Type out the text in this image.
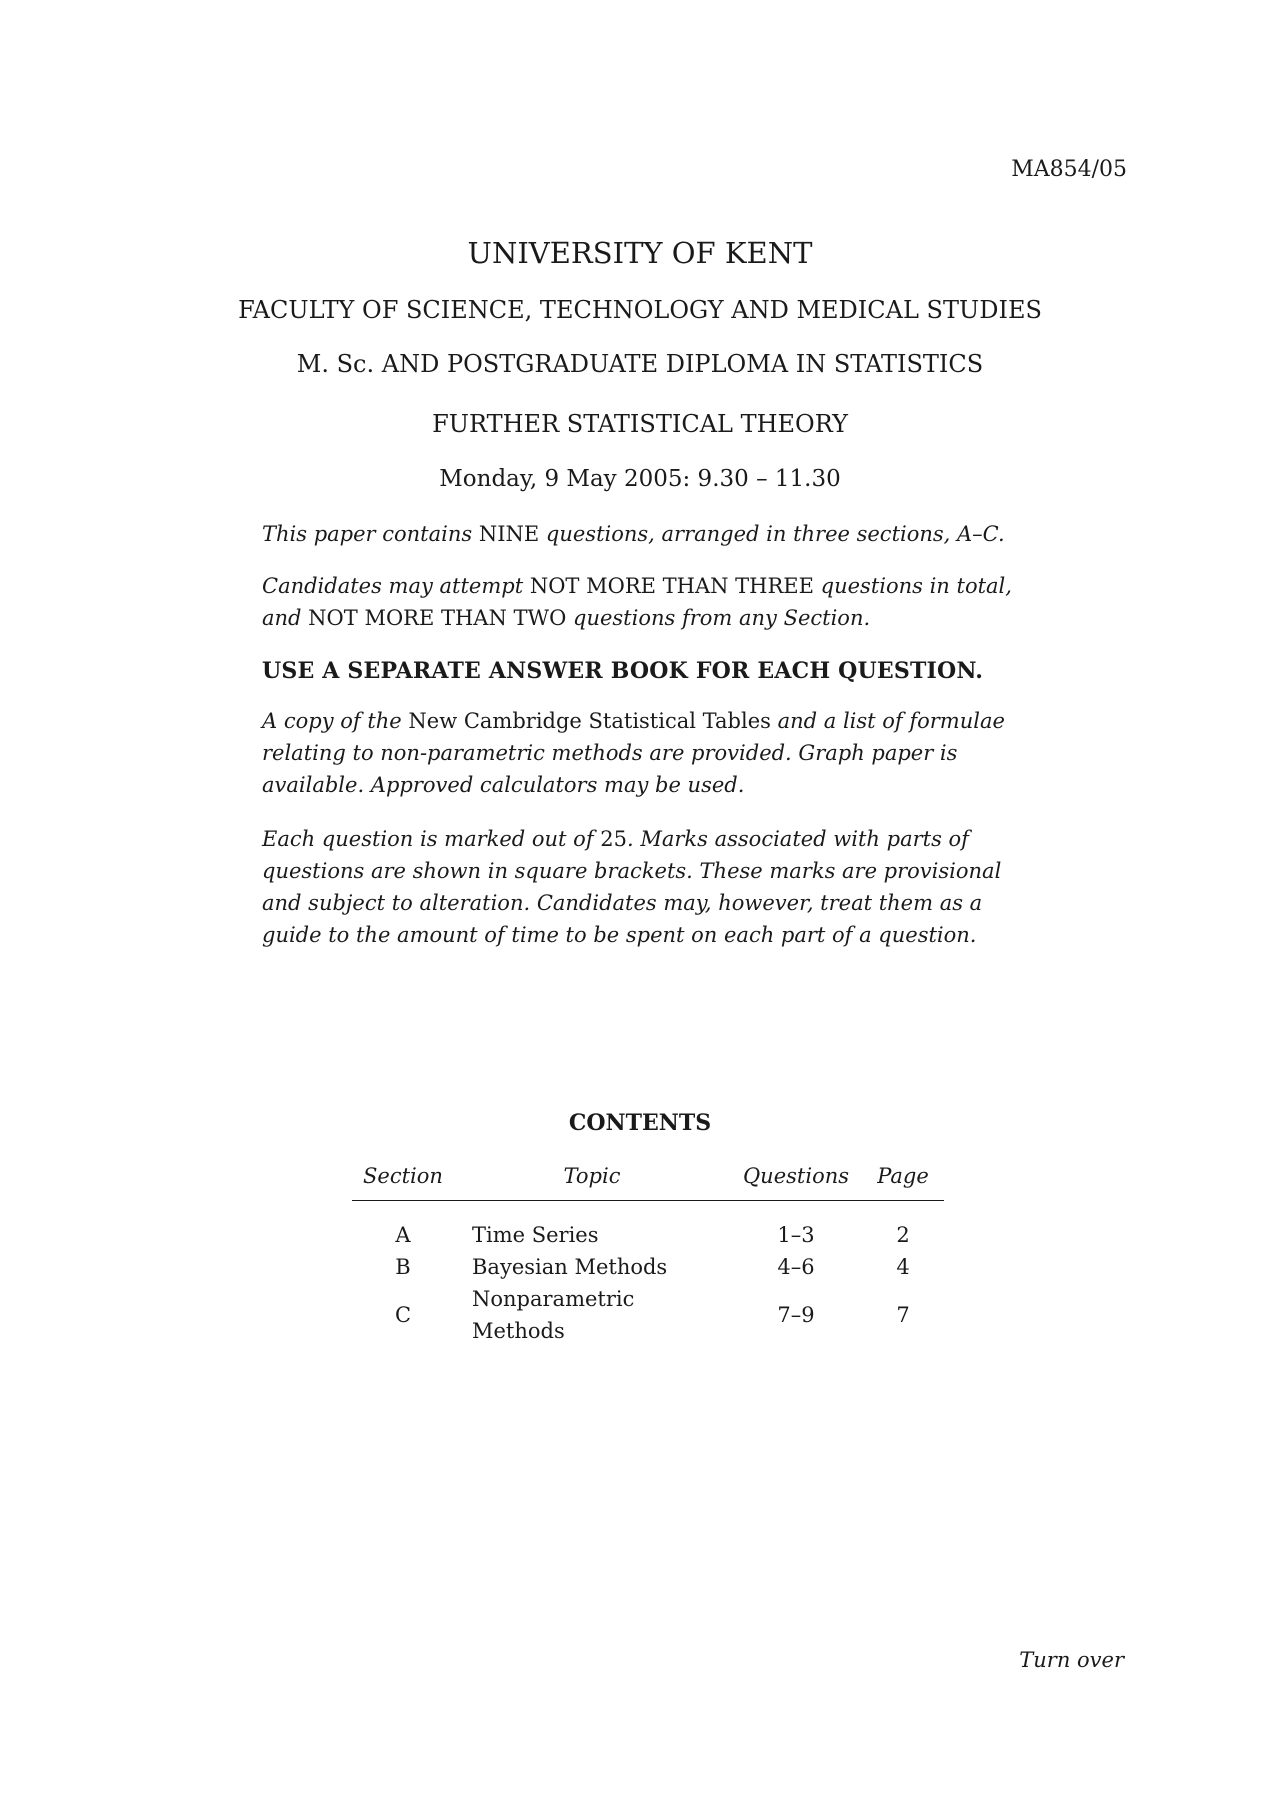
MA854/05
UNIVERSITY OF KENT
FACULTY OF SCIENCE, TECHNOLOGY AND MEDICAL STUDIES
M. Sc. AND POSTGRADUATE DIPLOMA IN STATISTICS
FURTHER STATISTICAL THEORY
Monday, 9 May 2005: 9.30 – 11.30
This paper contains NINE questions, arranged in three sections, A–C.
Candidates may attempt NOT MORE THAN THREE questions in total, and NOT MORE THAN TWO questions from any Section.
USE A SEPARATE ANSWER BOOK FOR EACH QUESTION.
A copy of the New Cambridge Statistical Tables and a list of formulae relating to non-parametric methods are provided. Graph paper is available. Approved calculators may be used.
Each question is marked out of 25. Marks associated with parts of questions are shown in square brackets. These marks are provisional and subject to alteration. Candidates may, however, treat them as a guide to the amount of time to be spent on each part of a question.
CONTENTS
Section	Topic	Questions	Page
A	Time Series	1–3	2
B	Bayesian Methods	4–6	4
C	Nonparametric Methods	7–9	7
Turn over
